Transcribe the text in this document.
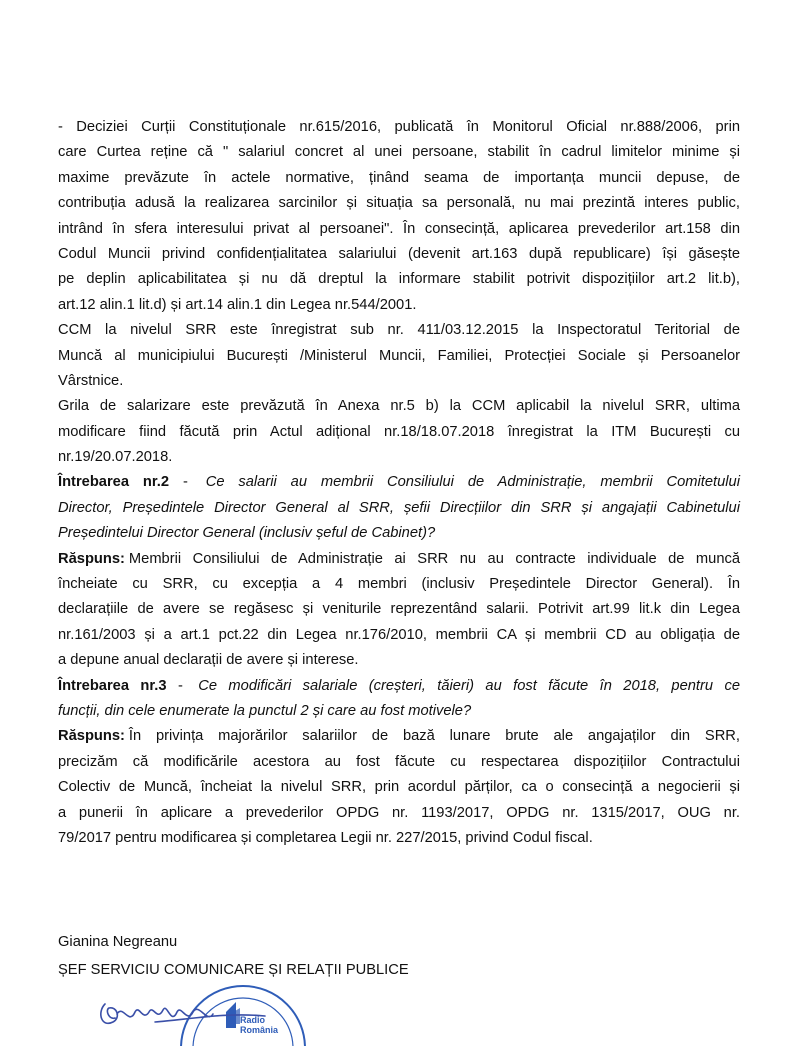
- Deciziei Curții Constituționale nr.615/2016, publicată în Monitorul Oficial nr.888/2006, prin
care Curtea reține că " salariul concret al unei persoane, stabilit în cadrul limitelor minime și
maxime prevăzute în actele normative, ținând seama de importanța muncii depuse, de
contribuția adusă la realizarea sarcinilor și situația sa personală, nu mai prezintă interes public,
intrând în sfera interesului privat al persoanei". În consecință, aplicarea prevederilor art.158 din
Codul Muncii privind confidențialitatea salariului (devenit art.163 după republicare) își găsește
pe deplin aplicabilitatea și nu dă dreptul la informare stabilit potrivit dispozițiilor art.2 lit.b),
art.12 alin.1 lit.d) și art.14 alin.1 din Legea nr.544/2001.
CCM la nivelul SRR este înregistrat sub nr. 411/03.12.2015 la Inspectoratul Teritorial de
Muncă al municipiului București /Ministerul Muncii, Familiei, Protecției Sociale și Persoanelor
Vârstnice.
Grila de salarizare este prevăzută în Anexa nr.5 b) la CCM aplicabil la nivelul SRR, ultima
modificare fiind făcută prin Actul adițional nr.18/18.07.2018 înregistrat la ITM București cu
nr.19/20.07.2018.
Întrebarea nr.2 - Ce salarii au membrii Consiliului de Administrație, membrii Comitetului
Director, Președintele Director General al SRR, șefii Direcțiilor din SRR și angajații Cabinetului
Președintelui Director General (inclusiv șeful de Cabinet)?
Răspuns: Membrii Consiliului de Administrație ai SRR nu au contracte individuale de muncă
încheiate cu SRR, cu excepția a 4 membri (inclusiv Președintele Director General). În
declarațiile de avere se regăsesc și veniturile reprezentând salarii. Potrivit art.99 lit.k din Legea
nr.161/2003 și a art.1 pct.22 din Legea nr.176/2010, membrii CA și membrii CD au obligația de
a depune anual declarații de avere și interese.
Întrebarea nr.3 - Ce modificări salariale (creșteri, tăieri) au fost făcute în 2018, pentru ce
funcții, din cele enumerate la punctul 2 și care au fost motivele?
Răspuns: În privința majorărilor salariilor de bază lunare brute ale angajaților din SRR,
precizăm că modificările acestora au fost făcute cu respectarea dispozițiilor Contractului
Colectiv de Muncă, încheiat la nivelul SRR, prin acordul părților, ca o consecință a negocierii și
a punerii în aplicare a prevederilor OPDG nr. 1193/2017, OPDG nr. 1315/2017, OUG nr.
79/2017 pentru modificarea și completarea Legii nr. 227/2015, privind Codul fiscal.
Gianina Negreanu
ȘEF SERVICIU COMUNICARE ȘI RELAȚII PUBLICE
Radio
România
